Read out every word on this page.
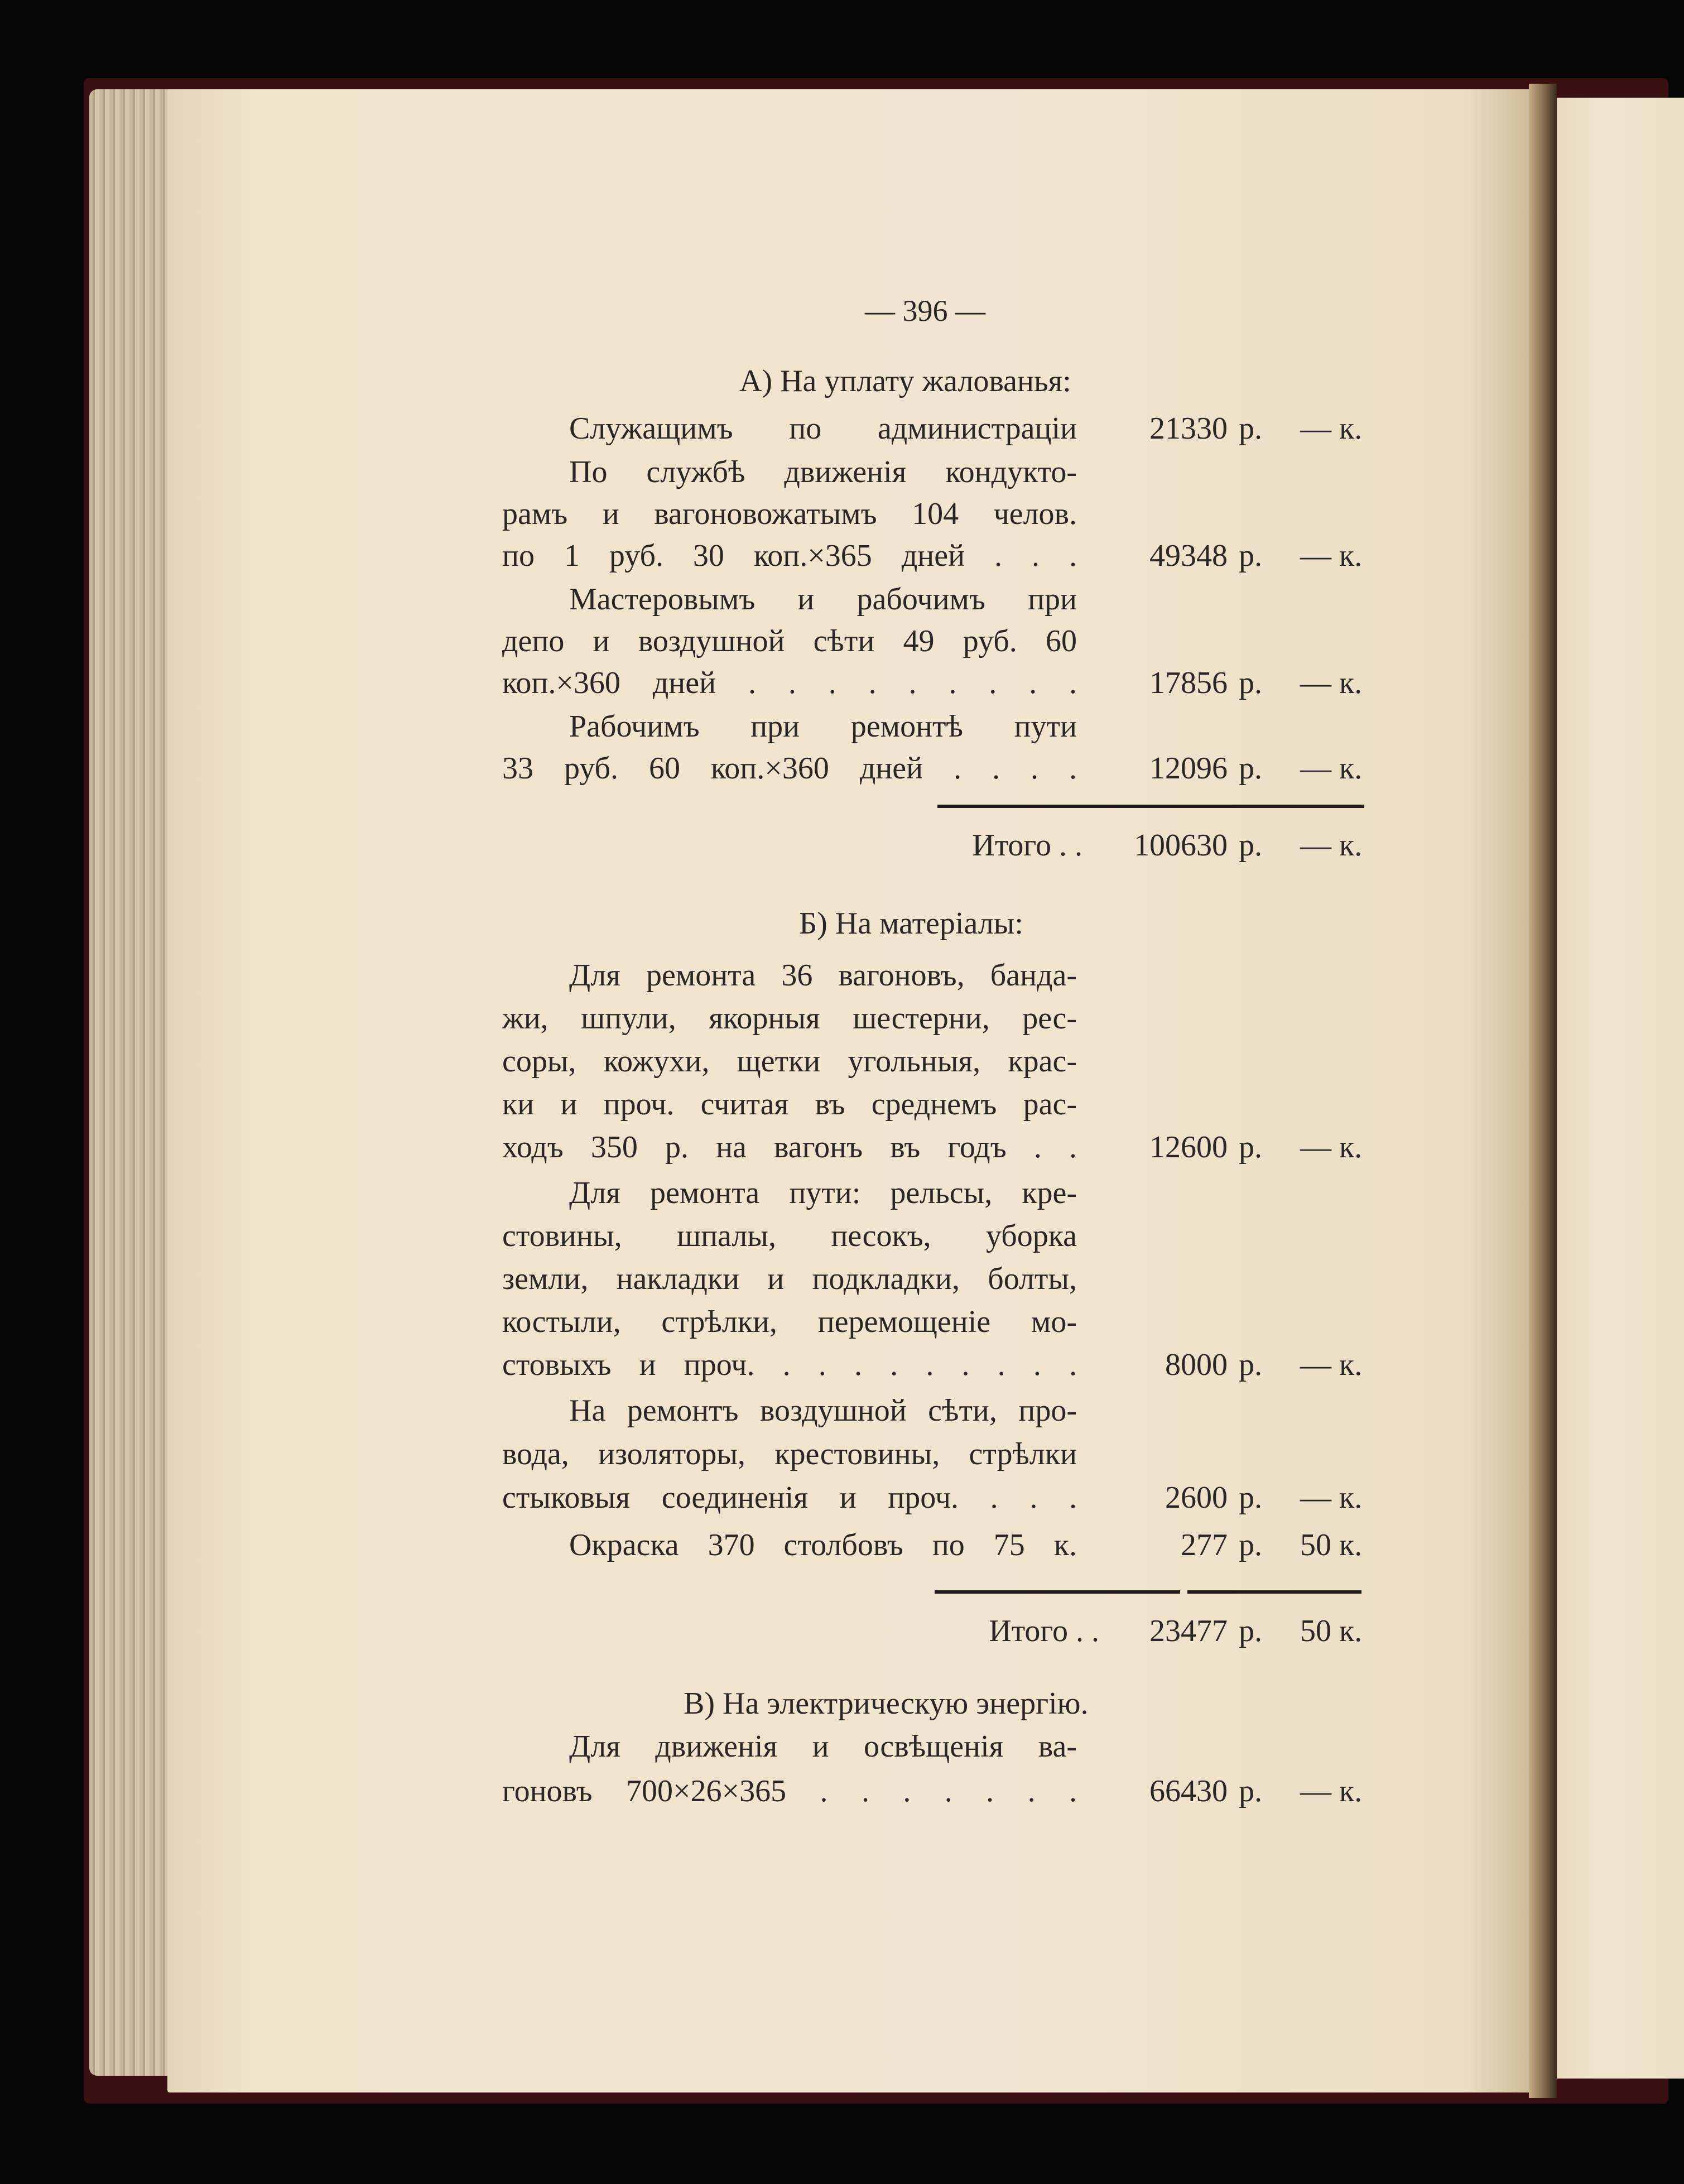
— 396 —
А) На уплату жалованья:
Служащимъ по администраціи	21330 р. — к.
По службѣ движенія кондукто-
рамъ и вагоновожатымъ 104 челов.
по 1 руб. 30 коп.×365 дней . . .	49348 р. — к.
Мастеровымъ и рабочимъ при
депо и воздушной сѣти 49 руб. 60
коп.×360 дней . . . . . . . . .	17856 р. — к.
Рабочимъ при ремонтѣ пути
33 руб. 60 коп.×360 дней . . . .	12096 р. — к.
Итого . .	100630 р. — к.
Б) На матеріалы:
Для ремонта 36 вагоновъ, банда-
жи, шпули, якорныя шестерни, рес-
соры, кожухи, щетки угольныя, крас-
ки и проч. считая въ среднемъ рас-
ходъ 350 р. на вагонъ въ годъ . .	12600 р. — к.
Для ремонта пути: рельсы, кре-
стовины, шпалы, песокъ, уборка
земли, накладки и подкладки, болты,
костыли, стрѣлки, перемощеніе мо-
стовыхъ и проч. . . . . . . . . .	8000 р. — к.
На ремонтъ воздушной сѣти, про-
вода, изоляторы, крестовины, стрѣлки
стыковыя соединенія и проч. . . .	2600 р. — к.
Окраска 370 столбовъ по 75 к.	277 р. 50 к.
Итого . .	23477 р. 50 к.
В) На электрическую энергію.
Для движенія и освѣщенія ва-
гоновъ 700×26×365 . . . . . . .	66430 р. — к.
